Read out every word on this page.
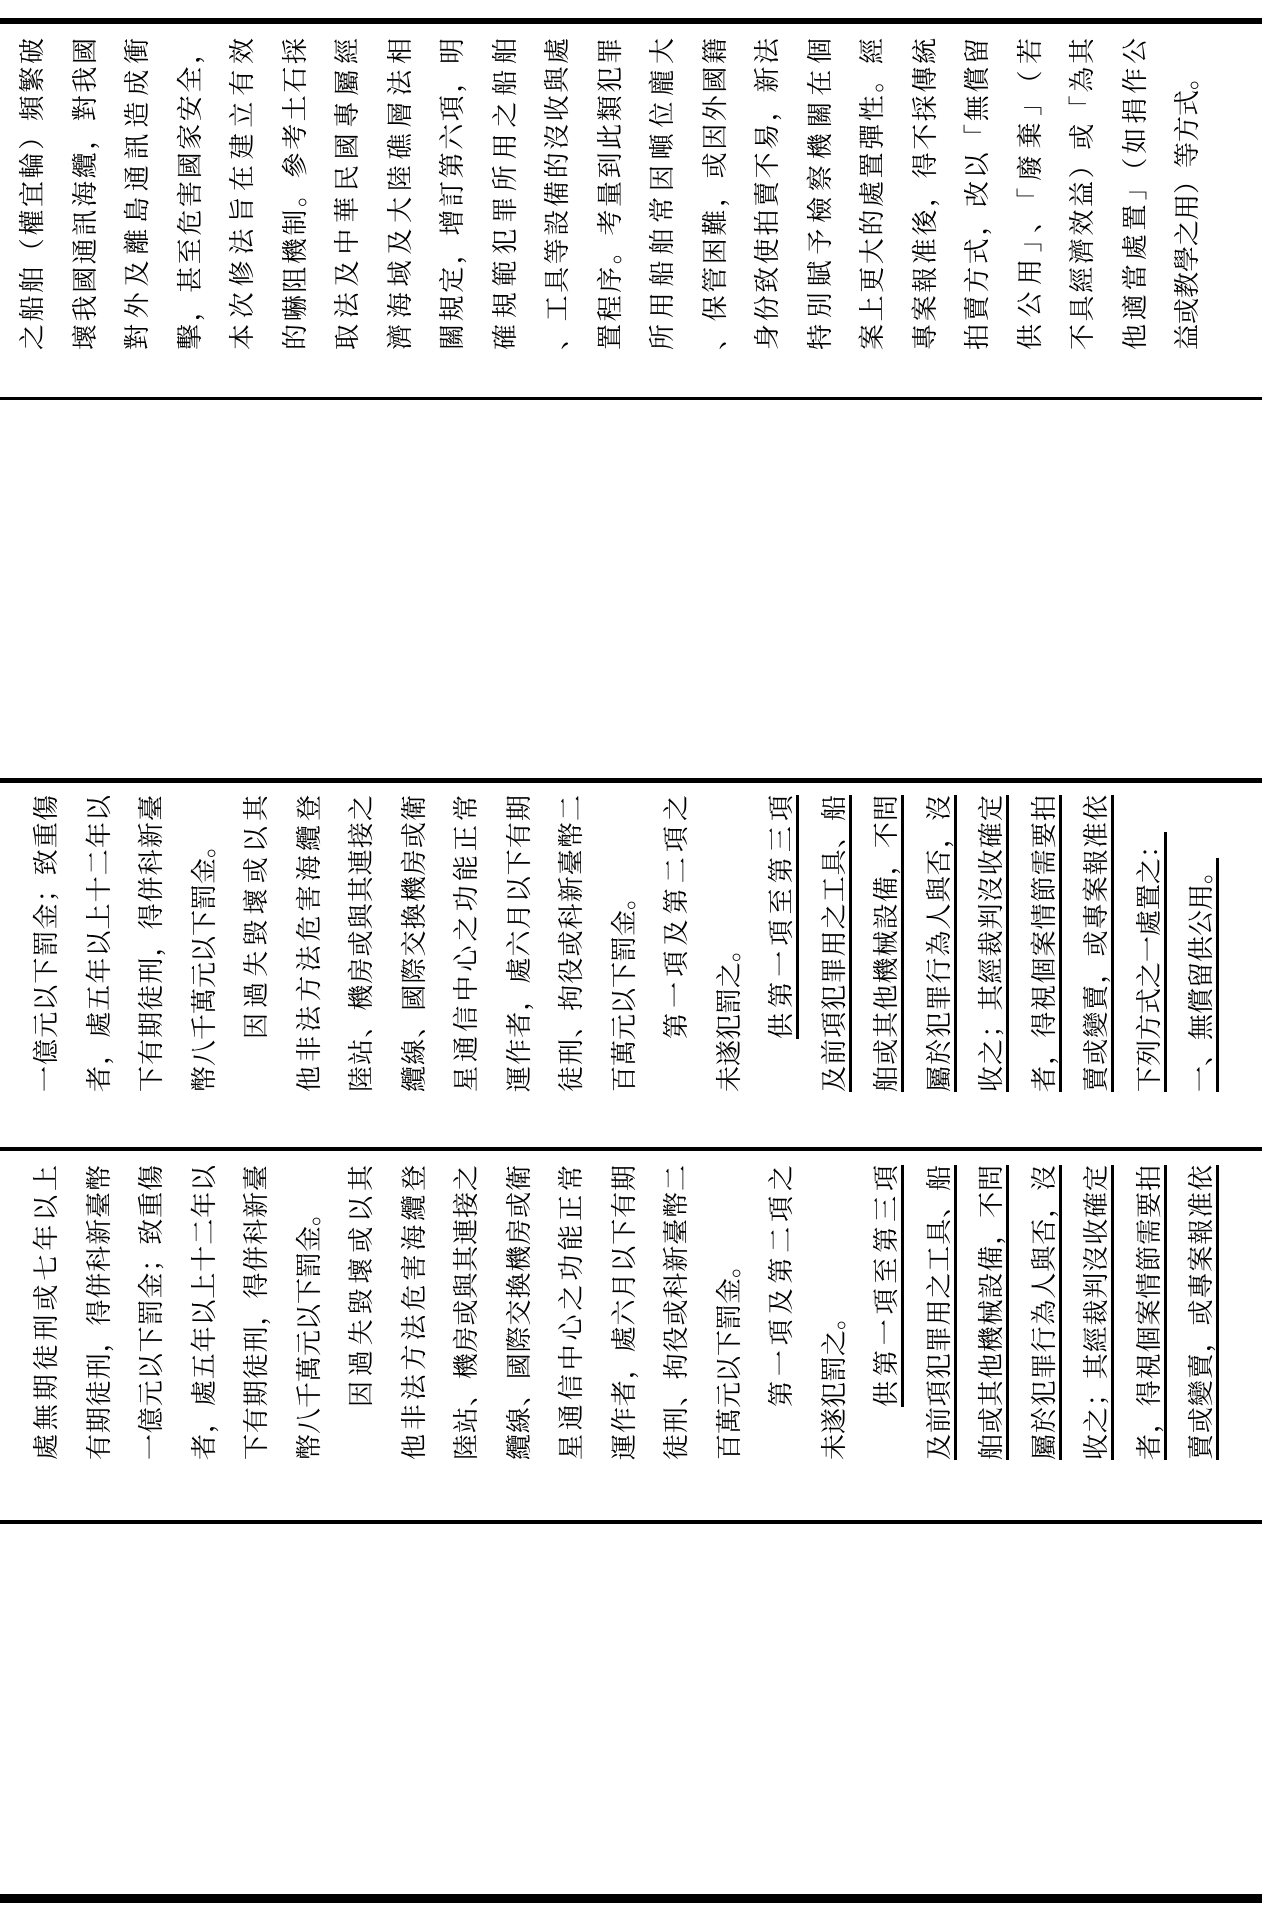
之船舶（權宜輪）頻繁破 壞我國通訊海纜，對我國 對外及離島通訊造成衝 擊，甚至危害國家安全， 本次修法旨在建立有效 的嚇阻機制。參考土石採 取法及中華民國專屬經 濟海域及大陸礁層法相 關規定，增訂第六項，明 確規範犯罪所用之船舶 、工具等設備的沒收與處 置程序。考量到此類犯罪 所用船舶常因噸位龐大 、保管困難，或因外國籍 身份致使拍賣不易，新法 特別賦予檢察機關在個 案上更大的處置彈性。經 專案報准後，得不採傳統 拍賣方式，改以「無償留 供公用」、「廢棄」（若 不具經濟效益）或「為其 他適當處置」（如捐作公 益或教學之用）等方式。
一億元以下罰金；致重傷 者，處五年以上十二年以 下有期徒刑，得併科新臺 幣八千萬元以下罰金。 因過失毀壞或以其 他非法方法危害海纜登 陸站、機房或與其連接之 纜線、國際交換機房或衛 星通信中心之功能正常 運作者，處六月以下有期 徒刑、拘役或科新臺幣二 百萬元以下罰金。 第一項及第二項之 未遂犯罰之。 供第一項至第三項 及前項犯罪用之工具、船 舶或其他機械設備，不問 屬於犯罪行為人與否，沒 收之；其經裁判沒收確定 者，得視個案情節需要拍 賣或變賣，或專案報准依 下列方式之一處置之： 一、無償留供公用。
處無期徒刑或七年以上 有期徒刑，得併科新臺幣 一億元以下罰金；致重傷 者，處五年以上十二年以 下有期徒刑，得併科新臺 幣八千萬元以下罰金。 因過失毀壞或以其 他非法方法危害海纜登 陸站、機房或與其連接之 纜線、國際交換機房或衛 星通信中心之功能正常 運作者，處六月以下有期 徒刑、拘役或科新臺幣二 百萬元以下罰金。 第一項及第二項之 未遂犯罰之。 供第一項至第三項 及前項犯罪用之工具、船 舶或其他機械設備，不問 屬於犯罪行為人與否，沒 收之；其經裁判沒收確定 者，得視個案情節需要拍 賣或變賣，或專案報准依
